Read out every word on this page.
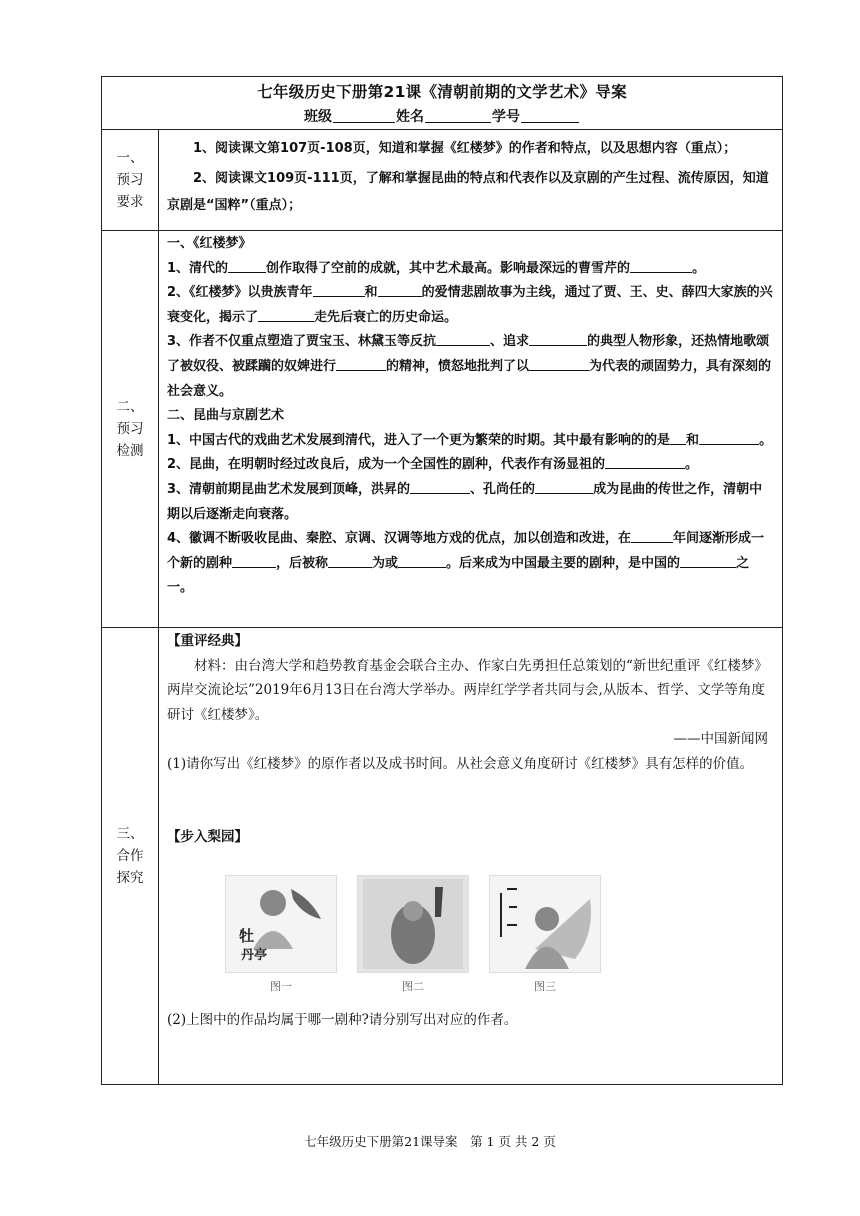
七年级历史下册第21课《清朝前期的文学艺术》导案
班级	姓名	学号
一、
预习
要求

1、阅读课文第107页-108页，知道和掌握《红楼梦》的作者和特点，以及思想内容（重点）；

2、阅读课文109页-111页，了解和掌握昆曲的特点和代表作以及京剧的产生过程、流传原因，知道京剧是“国粹”（重点）；

二、
预习
检测

一、《红楼梦》

1、清代的	创作取得了空前的成就，其中艺术最高。影响最深远的曹雪芹的	。

2、《红楼梦》以贵族青年	和	的爱情悲剧故事为主线，通过了贾、王、史、薛四大家族的兴衰变化，揭示了	走先后衰亡的历史命运。

3、作者不仅重点塑造了贾宝玉、林黛玉等反抗	、追求	的典型人物形象，还热情地歌颂了被奴役、被蹂躏的奴婢进行	的精神，愤怒地批判了以	为代表的顽固势力，具有深刻的社会意义。

二、昆曲与京剧艺术

1、中国古代的戏曲艺术发展到清代，进入了一个更为繁荣的时期。其中最有影响的的是 和	。

2、昆曲，在明朝时经过改良后，成为一个全国性的剧种，代表作有汤显祖的	。

3、清朝前期昆曲艺术发展到顶峰，洪昇的	、孔尚任的	成为昆曲的传世之作，清朝中期以后逐渐走向衰落。

4、徽调不断吸收昆曲、秦腔、京调、汉调等地方戏的优点，加以创造和改进，在	年间逐渐形成一个新的剧种	，后被称	为或	。后来成为中国最主要的剧种，是中国的	之一。

三、
合作
探究

【重评经典】

材料：由台湾大学和趋势教育基金会联合主办、作家白先勇担任总策划的“新世纪重评《红楼梦》两岸交流论坛”2019年6月13日在台湾大学举办。两岸红学学者共同与会,从版本、哲学、文学等角度研讨《红楼梦》。

——中国新闻网

(1)请你写出《红楼梦》的原作者以及成书时间。从社会意义角度研讨《红楼梦》具有怎样的价值。

【步入梨园】

牡
丹亭
图一	图二	图三

(2)上图中的作品均属于哪一剧种?请分别写出对应的作者。

七年级历史下册第21课导案　第 1 页 共 2 页
